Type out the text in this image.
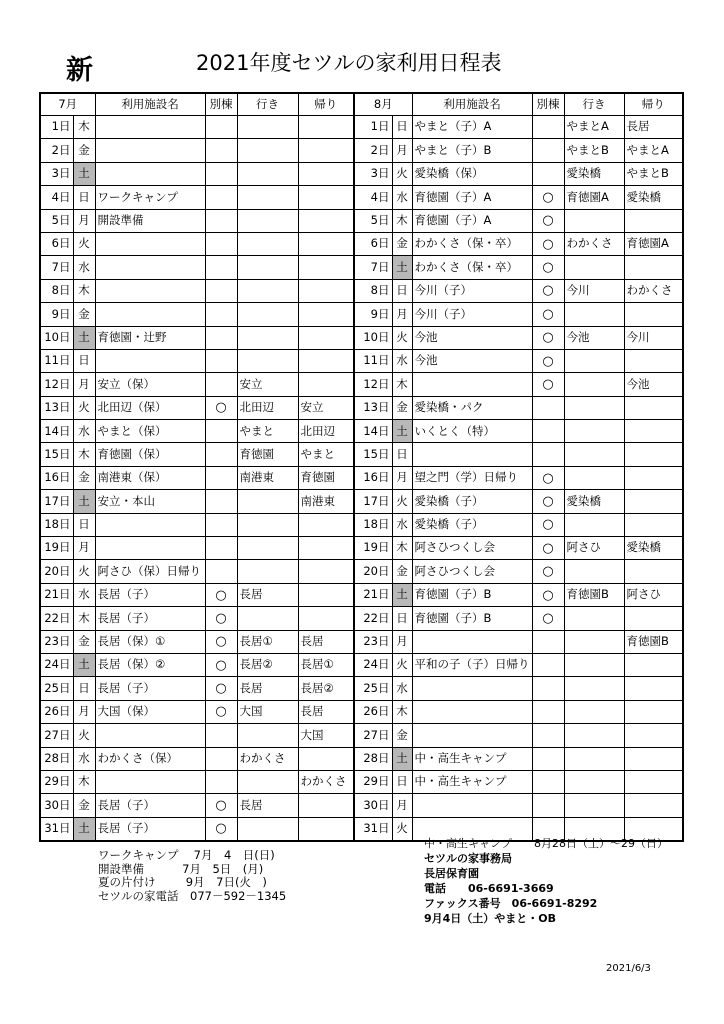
新	2021年度セツルの家利用日程表
7月		利用施設名	別棟	行き	帰り	8月		利用施設名	別棟	行き	帰り
1日	木					1日	日	やまと（子）A		やまとA	長居
2日	金					2日	月	やまと（子）B		やまとB	やまとA
3日	土					3日	火	愛染橋（保）		愛染橋	やまとB
4日	日	ワークキャンプ				4日	水	育徳園（子）A	○	育徳園A	愛染橋
5日	月	開設準備				5日	木	育徳園（子）A	○		
6日	火					6日	金	わかくさ（保・卒）	○	わかくさ	育徳園A
7日	水					7日	土	わかくさ（保・卒）	○		
8日	木					8日	日	今川（子）	○	今川	わかくさ
9日	金					9日	月	今川（子）	○		
10日	土	育徳園・辻野				10日	火	今池	○	今池	今川
11日	日					11日	水	今池	○		
12日	月	安立（保）		安立		12日	木		○		今池
13日	火	北田辺（保）	○	北田辺	安立	13日	金	愛染橋・パク			
14日	水	やまと（保）		やまと	北田辺	14日	土	いくとく（特）			
15日	木	育徳園（保）		育徳園	やまと	15日	日				
16日	金	南港東（保）		南港東	育徳園	16日	月	望之門（学）日帰り	○		
17日	土	安立・本山			南港東	17日	火	愛染橋（子）	○	愛染橋	
18日	日					18日	水	愛染橋（子）	○		
19日	月					19日	木	阿さひつくし会	○	阿さひ	愛染橋
20日	火	阿さひ（保）日帰り				20日	金	阿さひつくし会	○		
21日	水	長居（子）	○	長居		21日	土	育徳園（子）B	○	育徳園B	阿さひ
22日	木	長居（子）	○			22日	日	育徳園（子）B	○		
23日	金	長居（保）①	○	長居①	長居	23日	月				育徳園B
24日	土	長居（保）②	○	長居②	長居①	24日	火	平和の子（子）日帰り			
25日	日	長居（子）	○	長居	長居②	25日	水				
26日	月	大国（保）	○	大国	長居	26日	木				
27日	火				大国	27日	金				
28日	水	わかくさ（保）		わかくさ		28日	土	中・高生キャンプ			
29日	木				わかくさ	29日	日	中・高生キャンプ			
30日	金	長居（子）	○	長居		30日	月				
31日	土	長居（子）	○			31日	火				
ワークキャンプ　 7月　4　日(日)
開設準備　　　 7月　5日　(月)
夏の片付け　　  9月　7日(火　)
セツルの家電話　077－592－1345
中・高生キャンプ　　8月28日（土）～29（日）
セツルの家事務局
長居保育園
電話　　06-6691-3669
ファックス番号　06-6691-8292
9月4日（土）やまと・OB
2021/6/3
